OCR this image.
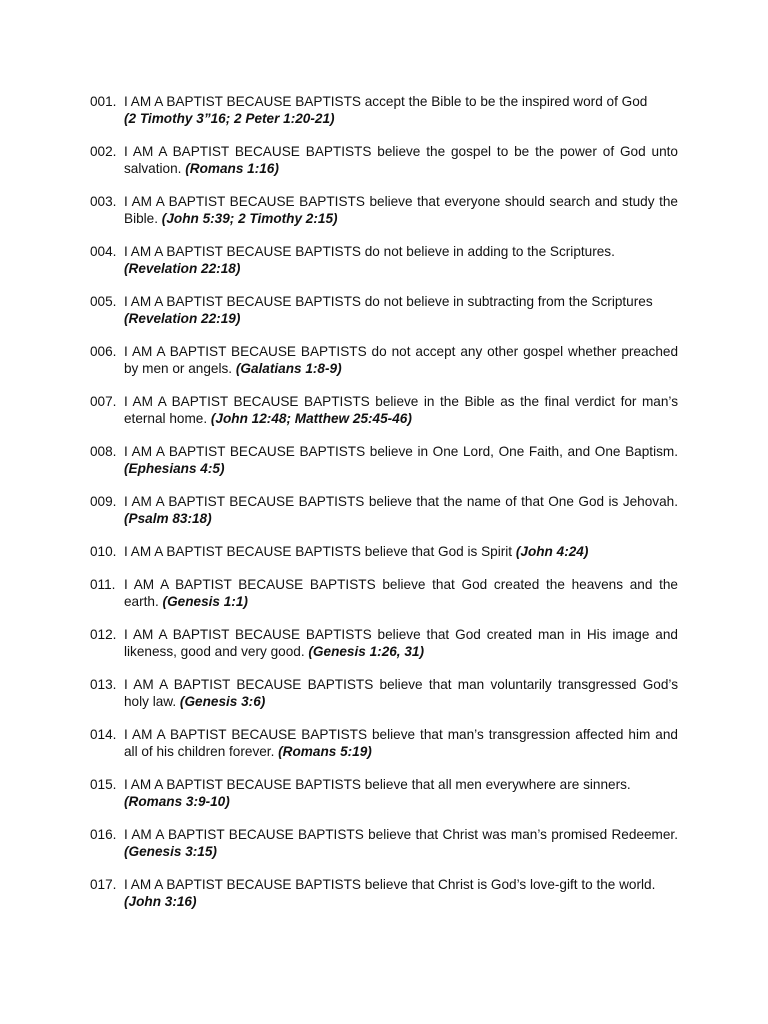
001. I AM A BAPTIST BECAUSE BAPTISTS accept the Bible to be the inspired word of God
(2 Timothy 3”16; 2 Peter 1:20-21)
002. I AM A BAPTIST BECAUSE BAPTISTS believe the gospel to be the power of God unto salvation. (Romans 1:16)
003. I AM A BAPTIST BECAUSE BAPTISTS believe that everyone should search and study the Bible. (John 5:39; 2 Timothy 2:15)
004. I AM A BAPTIST BECAUSE BAPTISTS do not believe in adding to the Scriptures.
(Revelation 22:18)
005. I AM A BAPTIST BECAUSE BAPTISTS do not believe in subtracting from the Scriptures
(Revelation 22:19)
006. I AM A BAPTIST BECAUSE BAPTISTS do not accept any other gospel whether preached by men or angels. (Galatians 1:8-9)
007. I AM A BAPTIST BECAUSE BAPTISTS believe in the Bible as the final verdict for man’s eternal home. (John 12:48; Matthew 25:45-46)
008. I AM A BAPTIST BECAUSE BAPTISTS believe in One Lord, One Faith, and One Baptism. (Ephesians 4:5)
009. I AM A BAPTIST BECAUSE BAPTISTS believe that the name of that One God is Jehovah. (Psalm 83:18)
010. I AM A BAPTIST BECAUSE BAPTISTS believe that God is Spirit (John 4:24)
011. I AM A BAPTIST BECAUSE BAPTISTS believe that God created the heavens and the earth. (Genesis 1:1)
012. I AM A BAPTIST BECAUSE BAPTISTS believe that God created man in His image and likeness, good and very good. (Genesis 1:26, 31)
013. I AM A BAPTIST BECAUSE BAPTISTS believe that man voluntarily transgressed God’s holy law. (Genesis 3:6)
014. I AM A BAPTIST BECAUSE BAPTISTS believe that man’s transgression affected him and all of his children forever. (Romans 5:19)
015. I AM A BAPTIST BECAUSE BAPTISTS believe that all men everywhere are sinners.
(Romans 3:9-10)
016. I AM A BAPTIST BECAUSE BAPTISTS believe that Christ was man’s promised Redeemer. (Genesis 3:15)
017. I AM A BAPTIST BECAUSE BAPTISTS believe that Christ is God’s love-gift to the world.
(John 3:16)
